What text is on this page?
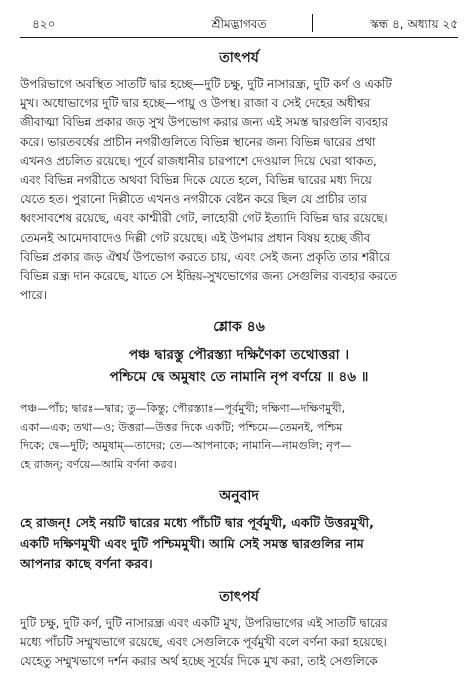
৪২০	শ্রীমদ্ভাগবত	স্কন্ধ ৪, অধ্যায় ২৫
তাৎপর্য

উপরিভাগে অবস্থিত সাতটি দ্বার হচ্ছে—দুটি চক্ষু, দুটি নাসারন্ধ্র, দুটি কর্ণ ও একটি
মুখ। অধোভাগের দুটি দ্বার হচ্ছে—পায়ু ও উপস্থ। রাজা ব সেই দেহের অধীশ্বর
জীবাত্মা বিভিন্ন প্রকার জড় সুখ উপভোগ করার জন্য এই সমস্ত দ্বারগুলি ব্যবহার
করে। ভারতবর্ষের প্রাচীন নগরীগুলিতে বিভিন্ন স্থানের জন্য বিভিন্ন দ্বারের প্রথা
এখনও প্রচলিত রয়েছে। পূর্বে রাজধানীর চারপাশে দেওয়াল দিয়ে ঘেরা থাকত,
এবং বিভিন্ন নগরীতে অথবা বিভিন্ন দিকে যেতে হলে, বিভিন্ন দ্বারের মধ্য দিয়ে
যেতে হত। পুরানো দিল্লীতে এখনও নগরীকে বেষ্টন করে ছিল যে প্রাচীর তার
ধ্বংসাবশেষ রয়েছে, এবং কাশ্মীরী গেট, লাহোরী গেট ইত্যাদি বিভিন্ন দ্বার রয়েছে।
তেমনই আমেদাবাদেও দিল্লী গেট রয়েছে। এই উপমার প্রধান বিষয় হচ্ছে জীব
বিভিন্ন প্রকার জড় ঐশ্বর্য উপভোগ করতে চায়, এবং সেই জন্য প্রকৃতি তার শরীরে
বিভিন্ন রন্ধ্র দান করেছে, যাতে সে ইন্দ্রিয়-সুখভোগের জন্য সেগুলির ব্যবহার করতে
পারে।

শ্লোক ৪৬

পঞ্চ দ্বারস্তু পৌরস্ত্যা দক্ষিণৈকা তথোত্তরা ।
পশ্চিমে দ্বে অমুষাং তে নামানি নৃপ বর্ণয়ে ॥ ৪৬ ॥

পঞ্চ—পাঁচ; দ্বারঃ—দ্বার; তু—কিন্তু; পৌরস্ত্যাঃ—পূর্বমুখী; দক্ষিণা—দক্ষিণমুখী,
একা—এক; তথা—ও; উত্তরা—উত্তর দিকে একটি; পশ্চিমে—তেমনই, পশ্চিম
দিকে; দ্বে—দুটি; অমুষাম্—তাদের; তে—আপনাকে; নামানি—নামগুলি; নৃপ—
হে রাজন্; বর্ণয়ে—আমি বর্ণনা করব।

অনুবাদ

হে রাজন্! সেই নয়টি দ্বারের মধ্যে পাঁচটি দ্বার পূর্বমুখী, একটি উত্তরমুখী,
একটি দক্ষিণমুখী এবং দুটি পশ্চিমমুখী। আমি সেই সমস্ত দ্বারগুলির নাম
আপনার কাছে বর্ণনা করব।

তাৎপর্য

দুটি চক্ষু, দুটি কর্ণ, দুটি নাসারন্ধ্র এবং একটি মুখ, উপরিভাগের এই সাতটি দ্বারের
মধ্যে পাঁচটি সম্মুখভাগে রয়েছে, এবং সেগুলিকে পূর্বমুখী বলে বর্ণনা করা হয়েছে।
যেহেতু সম্মুখভাগে দর্শন করার অর্থ হচ্ছে সূর্যের দিকে মুখ করা, তাই সেগুলিকে
